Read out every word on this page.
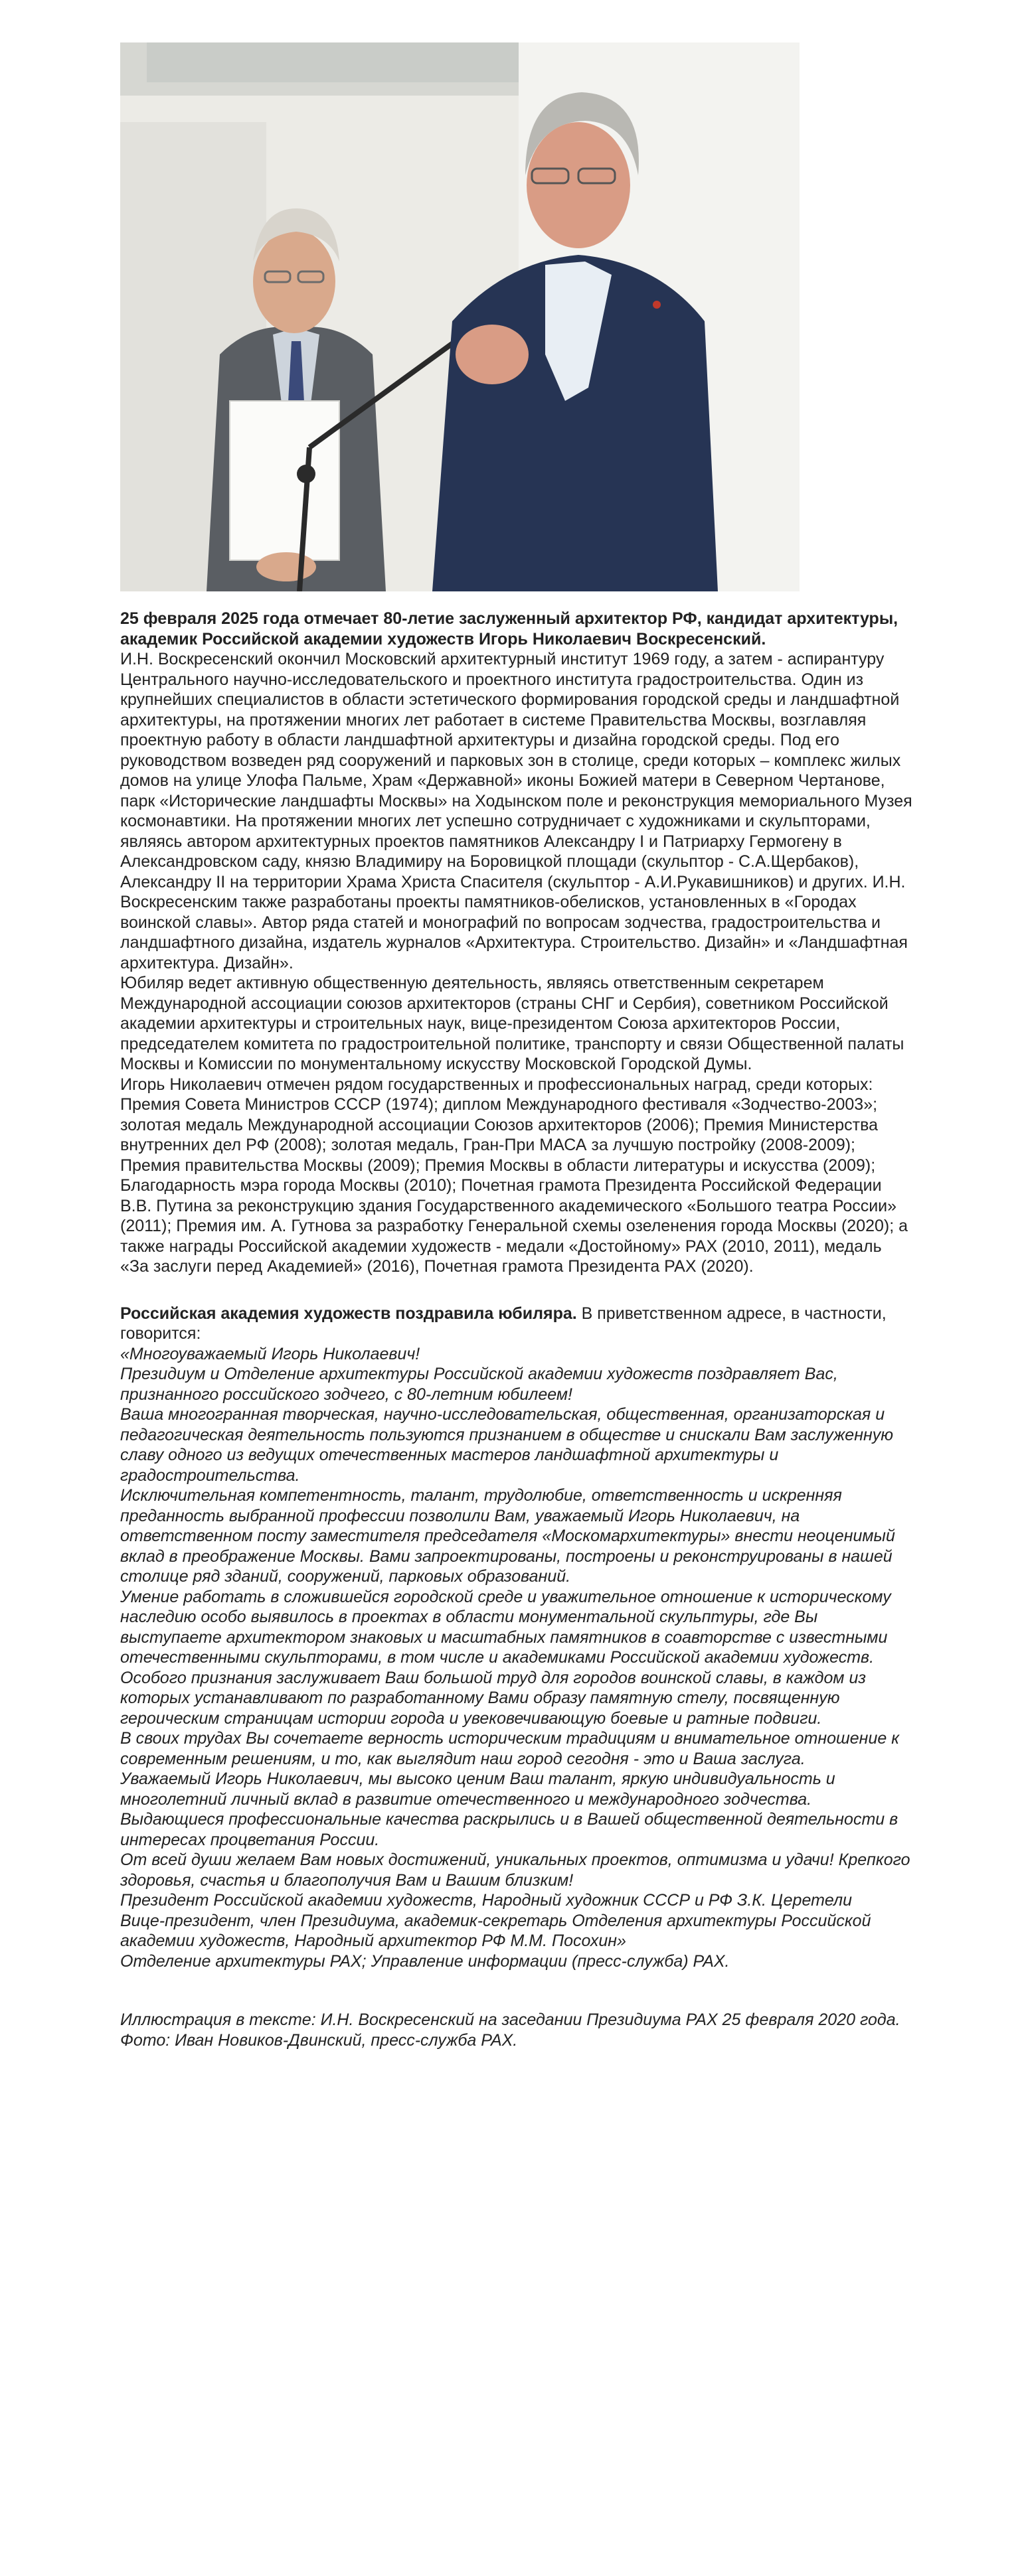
25 февраля 2025 года отмечает 80-летие заслуженный архитектор РФ, кандидат архитектуры, академик Российской академии художеств Игорь Николаевич Воскресенский.

И.Н. Воскресенский окончил Московский архитектурный институт 1969 году, а затем - аспирантуру Центрального научно-исследовательского и проектного института градостроительства. Один из крупнейших специалистов в области эстетического формирования городской среды и ландшафтной архитектуры, на протяжении многих лет работает в системе Правительства Москвы, возглавляя проектную работу в области ландшафтной архитектуры и дизайна городской среды. Под его руководством возведен ряд сооружений и парковых зон в столице, среди которых – комплекс жилых домов на улице Улофа Пальме, Храм «Державной» иконы Божией матери в Северном Чертанове, парк «Исторические ландшафты Москвы» на Ходынском поле и реконструкция мемориального Музея космонавтики. На протяжении многих лет успешно сотрудничает с художниками и скульпторами, являясь автором архитектурных проектов памятников Александру I и Патриарху Гермогену в Александровском саду, князю Владимиру на Боровицкой площади (скульптор - С.А.Щербаков), Александру II на территории Храма Христа Спасителя (скульптор - А.И.Рукавишников) и других. И.Н. Воскресенским также разработаны проекты памятников-обелисков, установленных в «Городах воинской славы». Автор ряда статей и монографий по вопросам зодчества, градостроительства и ландшафтного дизайна, издатель журналов «Архитектура. Строительство. Дизайн» и «Ландшафтная архитектура. Дизайн».

Юбиляр ведет активную общественную деятельность, являясь ответственным секретарем Международной ассоциации союзов архитекторов (страны СНГ и Сербия), советником Российской академии архитектуры и строительных наук, вице-президентом Союза архитекторов России, председателем комитета по градостроительной политике, транспорту и связи Общественной палаты Москвы и Комиссии по монументальному искусству Московской Городской Думы.

Игорь Николаевич отмечен рядом государственных и профессиональных наград, среди которых: Премия Совета Министров СССР (1974); диплом Международного фестиваля «Зодчество-2003»; золотая медаль Международной ассоциации Союзов архитекторов (2006); Премия Министерства внутренних дел РФ (2008); золотая медаль, Гран-При МАСА за лучшую постройку (2008-2009); Премия правительства Москвы (2009); Премия Москвы в области литературы и искусства (2009); Благодарность мэра города Москвы (2010); Почетная грамота Президента Российской Федерации В.В. Путина за реконструкцию здания Государственного академического «Большого театра России» (2011); Премия им. А. Гутнова за разработку Генеральной схемы озеленения города Москвы (2020); а также награды Российской академии художеств - медали «Достойному» РАХ (2010, 2011), медаль «За заслуги перед Академией» (2016), Почетная грамота Президента РАХ (2020).

Российская академия художеств поздравила юбиляра. В приветственном адресе, в частности, говорится:

«Многоуважаемый Игорь Николаевич!

Президиум и Отделение архитектуры Российской академии художеств поздравляет Вас, признанного российского зодчего, с 80-летним юбилеем!

Ваша многогранная творческая, научно-исследовательская, общественная, организаторская и педагогическая деятельность пользуются признанием в обществе и снискали Вам заслуженную славу одного из ведущих отечественных мастеров ландшафтной архитектуры и градостроительства.

Исключительная компетентность, талант, трудолюбие, ответственность и искренняя преданность выбранной профессии позволили Вам, уважаемый Игорь Николаевич, на ответственном посту заместителя председателя «Москомархитектуры» внести неоценимый вклад в преображение Москвы. Вами запроектированы, построены и реконструированы в нашей столице ряд зданий, сооружений, парковых образований.

Умение работать в сложившейся городской среде и уважительное отношение к историческому наследию особо выявилось в проектах в области монументальной скульптуры, где Вы выступаете архитектором знаковых и масштабных памятников в соавторстве с известными отечественными скульпторами, в том числе и академиками Российской академии художеств. Особого признания заслуживает Ваш большой труд для городов воинской славы, в каждом из которых устанавливают по разработанному Вами образу памятную стелу, посвященную героическим страницам истории города и увековечивающую боевые и ратные подвиги.

В своих трудах Вы сочетаете верность историческим традициям и внимательное отношение к современным решениям, и то, как выглядит наш город сегодня - это и Ваша заслуга.

Уважаемый Игорь Николаевич, мы высоко ценим Ваш талант, яркую индивидуальность и многолетний личный вклад в развитие отечественного и международного зодчества. Выдающиеся профессиональные качества раскрылись и в Вашей общественной деятельности в интересах процветания России.

От всей души желаем Вам новых достижений, уникальных проектов, оптимизма и удачи! Крепкого здоровья, счастья и благополучия Вам и Вашим близким!

Президент Российской академии художеств, Народный художник СССР и РФ З.К. Церетели

Вице-президент, член Президиума, академик-секретарь Отделения архитектуры Российской академии художеств, Народный архитектор РФ М.М. Посохин»

Отделение архитектуры РАХ; Управление информации (пресс-служба) РАХ.

Иллюстрация в тексте: И.Н. Воскресенский на заседании Президиума РАХ 25 февраля 2020 года. Фото: Иван Новиков-Двинский, пресс-служба РАХ.
